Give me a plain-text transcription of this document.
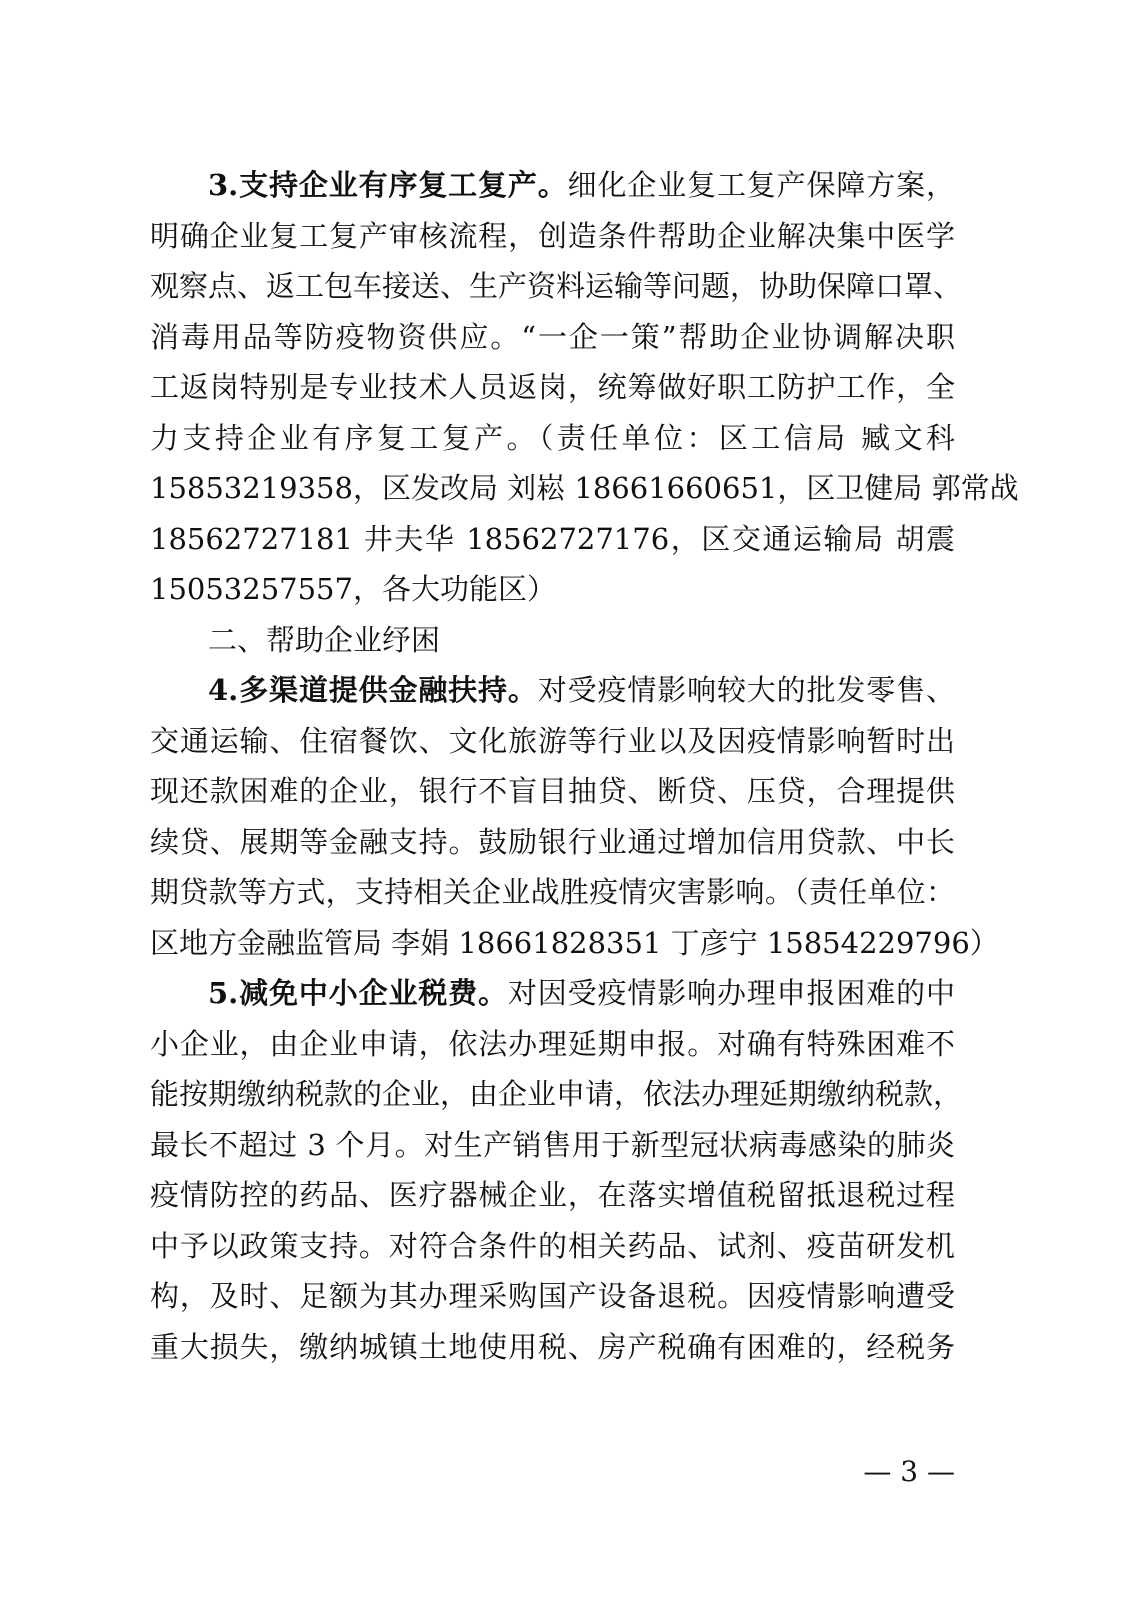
3.支持企业有序复工复产。细化企业复工复产保障方案，
明确企业复工复产审核流程，创造条件帮助企业解决集中医学
观察点、返工包车接送、生产资料运输等问题，协助保障口罩、
消毒用品等防疫物资供应。“一企一策”帮助企业协调解决职
工返岗特别是专业技术人员返岗，统筹做好职工防护工作，全
力支持企业有序复工复产。（责任单位：区工信局 臧文科
15853219358，区发改局 刘崧 18661660651，区卫健局 郭常战
18562727181 井夫华 18562727176，区交通运输局 胡震
15053257557，各大功能区）
二、帮助企业纾困
4.多渠道提供金融扶持。对受疫情影响较大的批发零售、
交通运输、住宿餐饮、文化旅游等行业以及因疫情影响暂时出
现还款困难的企业，银行不盲目抽贷、断贷、压贷，合理提供
续贷、展期等金融支持。鼓励银行业通过增加信用贷款、中长
期贷款等方式，支持相关企业战胜疫情灾害影响。（责任单位：
区地方金融监管局 李娟 18661828351 丁彦宁 15854229796）
5.减免中小企业税费。对因受疫情影响办理申报困难的中
小企业，由企业申请，依法办理延期申报。对确有特殊困难不
能按期缴纳税款的企业，由企业申请，依法办理延期缴纳税款，
最长不超过 3 个月。对生产销售用于新型冠状病毒感染的肺炎
疫情防控的药品、医疗器械企业，在落实增值税留抵退税过程
中予以政策支持。对符合条件的相关药品、试剂、疫苗研发机
构，及时、足额为其办理采购国产设备退税。因疫情影响遭受
重大损失，缴纳城镇土地使用税、房产税确有困难的，经税务
— 3 —
